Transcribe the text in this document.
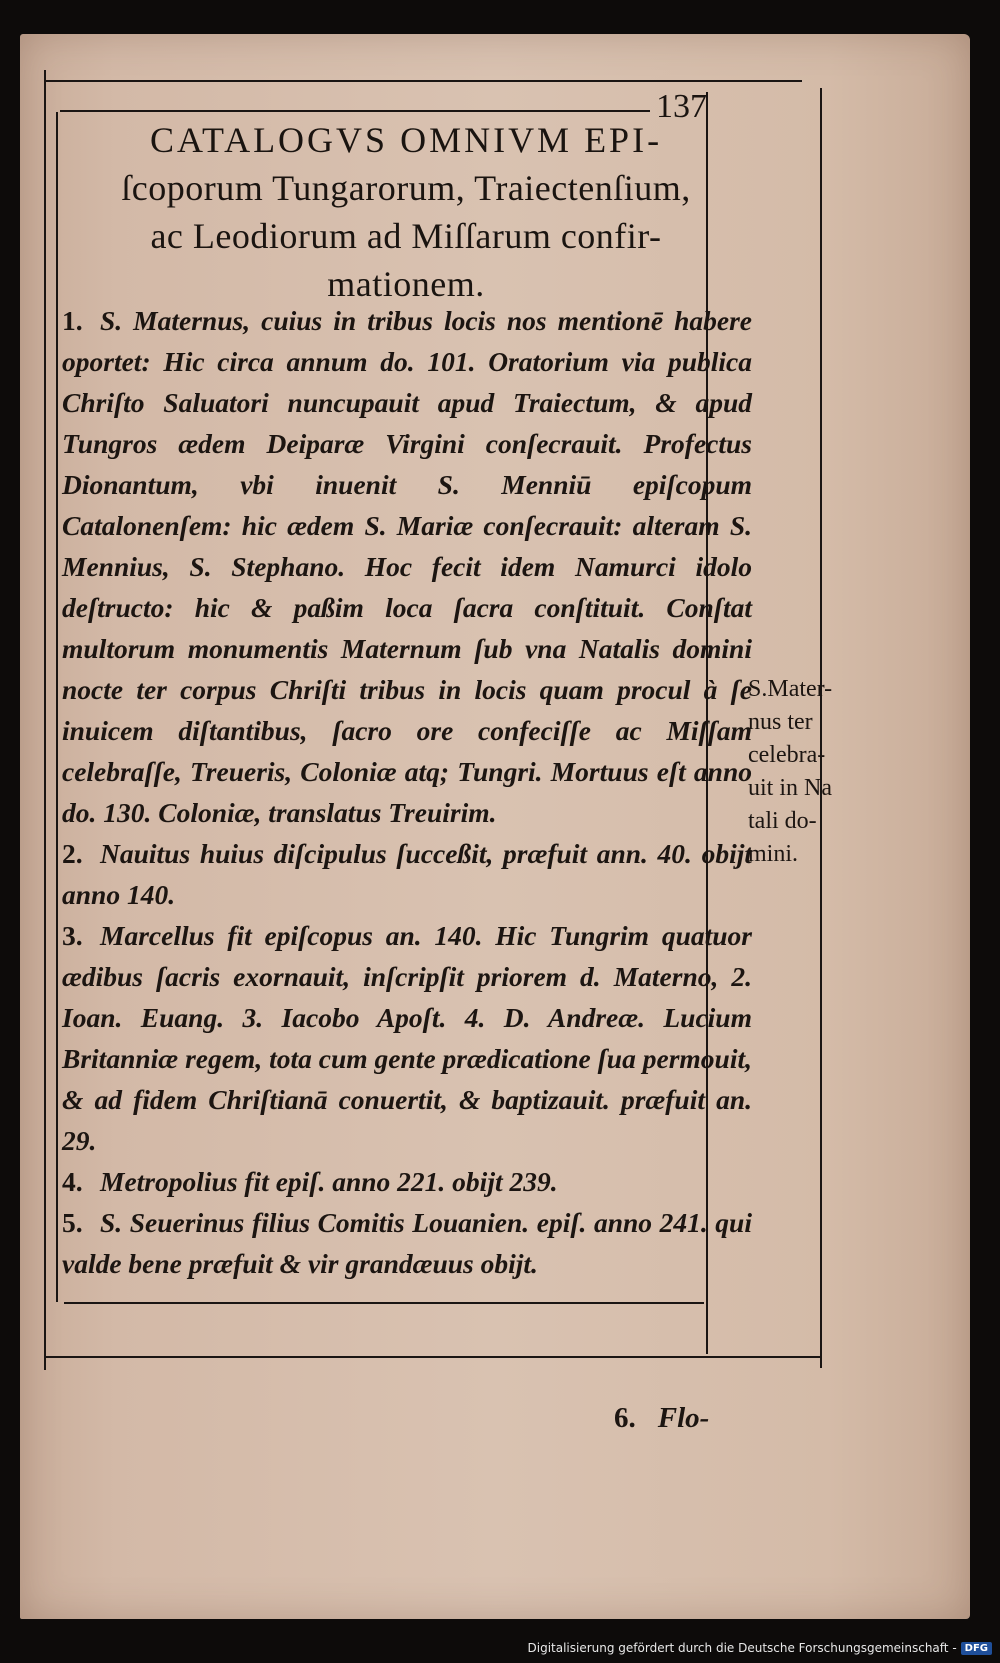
137
CATALOGVS OMNIVM EPI-
ſcoporum Tungarorum, Traiectenſium,
ac Leodiorum ad Miſſarum confir-
mationem.

1. S. Maternus, cuius in tribus locis nos mentionē habere oportet: Hic circa annum do. 101. Oratorium via publica Chriſto Saluatori nuncupauit apud Traiectum, & apud Tungros ædem Deiparæ Virgini conſecrauit. Profectus Dionantum, vbi inuenit S. Menniū epiſcopum Catalonenſem: hic ædem S. Mariæ conſecrauit: alteram S. Mennius, S. Stephano. Hoc fecit idem Namurci idolo deſtructo: hic & paßim loca ſacra conſtituit. Conſtat multorum monumentis Maternum ſub vna Natalis domini nocte ter corpus Chriſti tribus in locis quam procul à ſe inuicem diſtantibus, ſacro ore confeciſſe ac Miſſam celebraſſe, Treueris, Coloniæ atq; Tungri. Mortuus eſt anno do. 130. Coloniæ, translatus Treuirim.

2. Nauitus huius diſcipulus ſucceßit, præfuit ann. 40. obijt anno 140.

3. Marcellus fit epiſcopus an. 140. Hic Tungrim quatuor ædibus ſacris exornauit, inſcripſit priorem d. Materno, 2. Ioan. Euang. 3. Iacobo Apoſt. 4. D. Andreæ. Lucium Britanniæ regem, tota cum gente prædicatione ſua permouit, & ad fidem Chriſtianā conuertit, & baptizauit. præfuit an. 29.

4. Metropolius fit epiſ. anno 221. obijt 239.

5. S. Seuerinus filius Comitis Louanien. epiſ. anno 241. qui valde bene præfuit & vir grandæuus obijt.

S.Mater-
nus ter
celebra-
uit in Na
tali do-
mini.
6. Flo-
Digitalisierung gefördert durch die Deutsche Forschungsgemeinschaft - DFG
